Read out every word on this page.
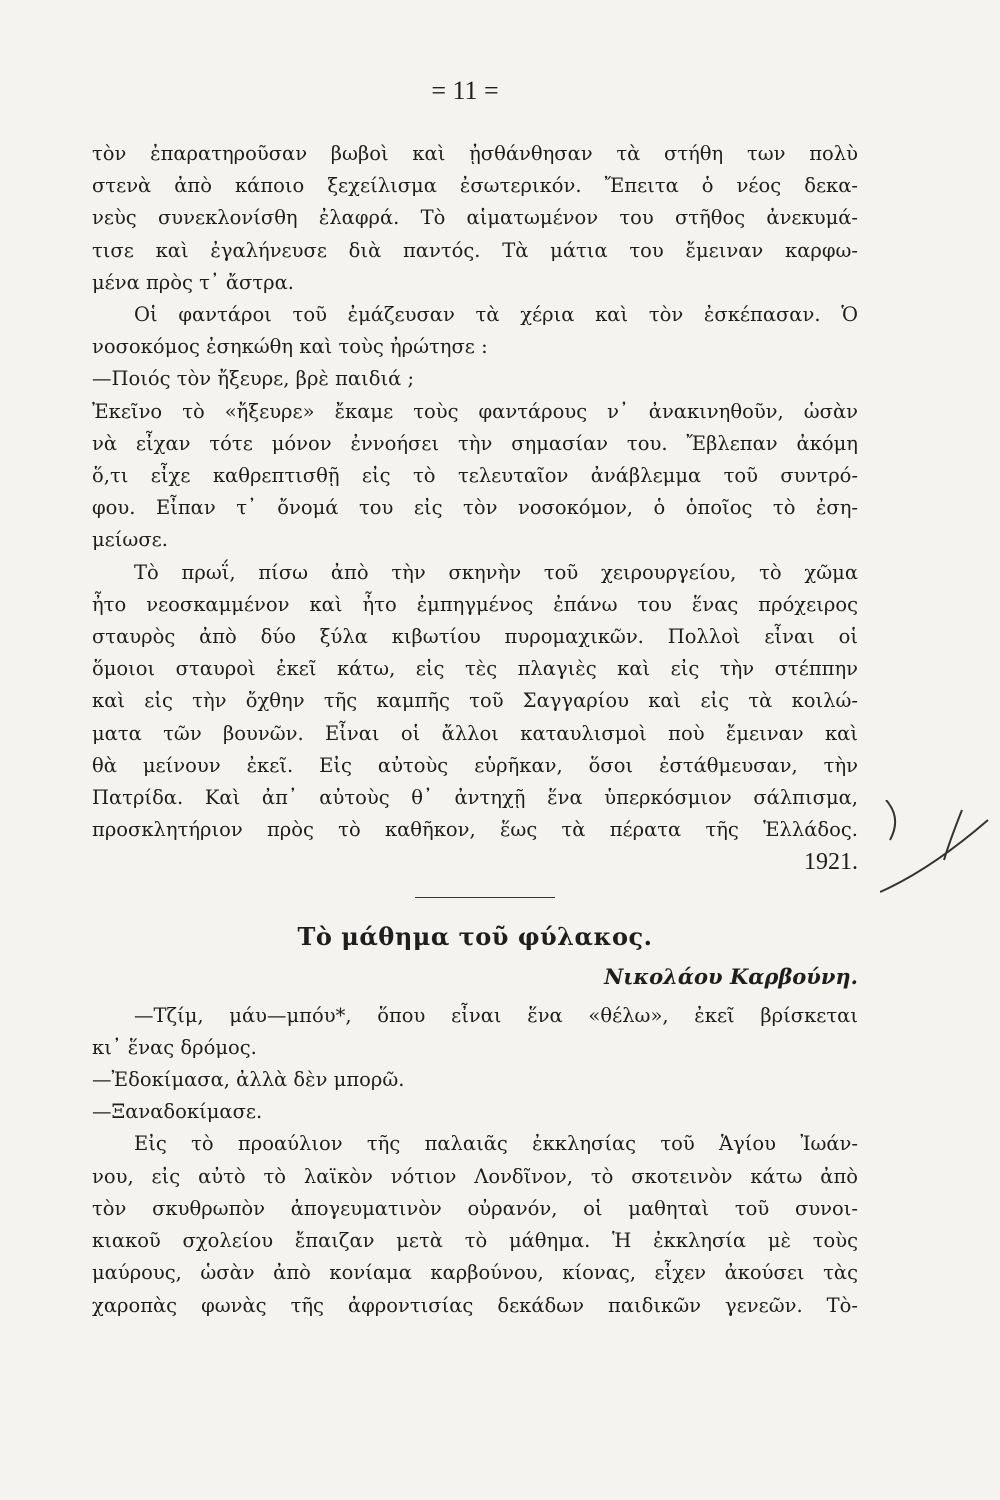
= 11 =
τὸν ἐπαρατηροῦσαν βωβοὶ καὶ ᾐσθάνθησαν τὰ στήθη των πολὺ
στενὰ ἀπὸ κάποιο ξεχείλισμα ἐσωτερικόν. Ἔπειτα ὁ νέος δεκα-
νεὺς συνεκλονίσθη ἐλαφρά. Τὸ αἱματωμένον του στῆθος ἀνεκυμά-
τισε καὶ ἐγαλήνευσε διὰ παντός. Τὰ μάτια του ἔμειναν καρφω-
μένα πρὸς τ᾽ ἄστρα.
Οἱ φαντάροι τοῦ ἐμάζευσαν τὰ χέρια καὶ τὸν ἐσκέπασαν. Ὁ
νοσοκόμος ἐσηκώθη καὶ τοὺς ἠρώτησε :
—Ποιός τὸν ἤξευρε, βρὲ παιδιά ;
Ἐκεῖνο τὸ «ἤξευρε» ἔκαμε τοὺς φαντάρους ν᾽ ἀνακινηθοῦν, ὡσὰν
νὰ εἶχαν τότε μόνον ἐννοήσει τὴν σημασίαν του. Ἔβλεπαν ἀκόμη
ὅ,τι εἶχε καθρεπτισθῇ εἰς τὸ τελευταῖον ἀνάβλεμμα τοῦ συντρό-
φου. Εἶπαν τ᾽ ὄνομά του εἰς τὸν νοσοκόμον, ὁ ὁποῖος τὸ ἐση-
μείωσε.
Τὸ πρωΐ, πίσω ἀπὸ τὴν σκηνὴν τοῦ χειρουργείου, τὸ χῶμα
ἦτο νεοσκαμμένον καὶ ἦτο ἐμπηγμένος ἐπάνω του ἕνας πρόχειρος
σταυρὸς ἀπὸ δύο ξύλα κιβωτίου πυρομαχικῶν. Πολλοὶ εἶναι οἱ
ὅμοιοι σταυροὶ ἐκεῖ κάτω, εἰς τὲς πλαγιὲς καὶ εἰς τὴν στέππην
καὶ εἰς τὴν ὄχθην τῆς καμπῆς τοῦ Σαγγαρίου καὶ εἰς τὰ κοιλώ-
ματα τῶν βουνῶν. Εἶναι οἱ ἄλλοι καταυλισμοὶ ποὺ ἔμειναν καὶ
θὰ μείνουν ἐκεῖ. Εἰς αὐτοὺς εὑρῆκαν, ὅσοι ἐστάθμευσαν, τὴν
Πατρίδα. Καὶ ἀπ᾽ αὐτοὺς θ᾽ ἀντηχῇ ἕνα ὑπερκόσμιον σάλπισμα,
προσκλητήριον πρὸς τὸ καθῆκον, ἕως τὰ πέρατα τῆς Ἑλλάδος.
1921.
Τὸ μάθημα τοῦ φύλακος.
Νικολάου Καρβούνη.
—Τζίμ, μάυ—μπόυ*, ὅπου εἶναι ἕνα «θέλω», ἐκεῖ βρίσκεται
κι᾽ ἕνας δρόμος.
—Ἐδοκίμασα, ἀλλὰ δὲν μπορῶ.
—Ξαναδοκίμασε.
Εἰς τὸ προαύλιον τῆς παλαιᾶς ἐκκλησίας τοῦ Ἁγίου Ἰωάν-
νου, εἰς αὐτὸ τὸ λαϊκὸν νότιον Λονδῖνον, τὸ σκοτεινὸν κάτω ἀπὸ
τὸν σκυθρωπὸν ἀπογευματινὸν οὐρανόν, οἱ μαθηταὶ τοῦ συνοι-
κιακοῦ σχολείου ἔπαιζαν μετὰ τὸ μάθημα. Ἡ ἐκκλησία μὲ τοὺς
μαύρους, ὡσὰν ἀπὸ κονίαμα καρβούνου, κίονας, εἶχεν ἀκούσει τὰς
χαροπὰς φωνὰς τῆς ἀφροντισίας δεκάδων παιδικῶν γενεῶν. Τὸ-
